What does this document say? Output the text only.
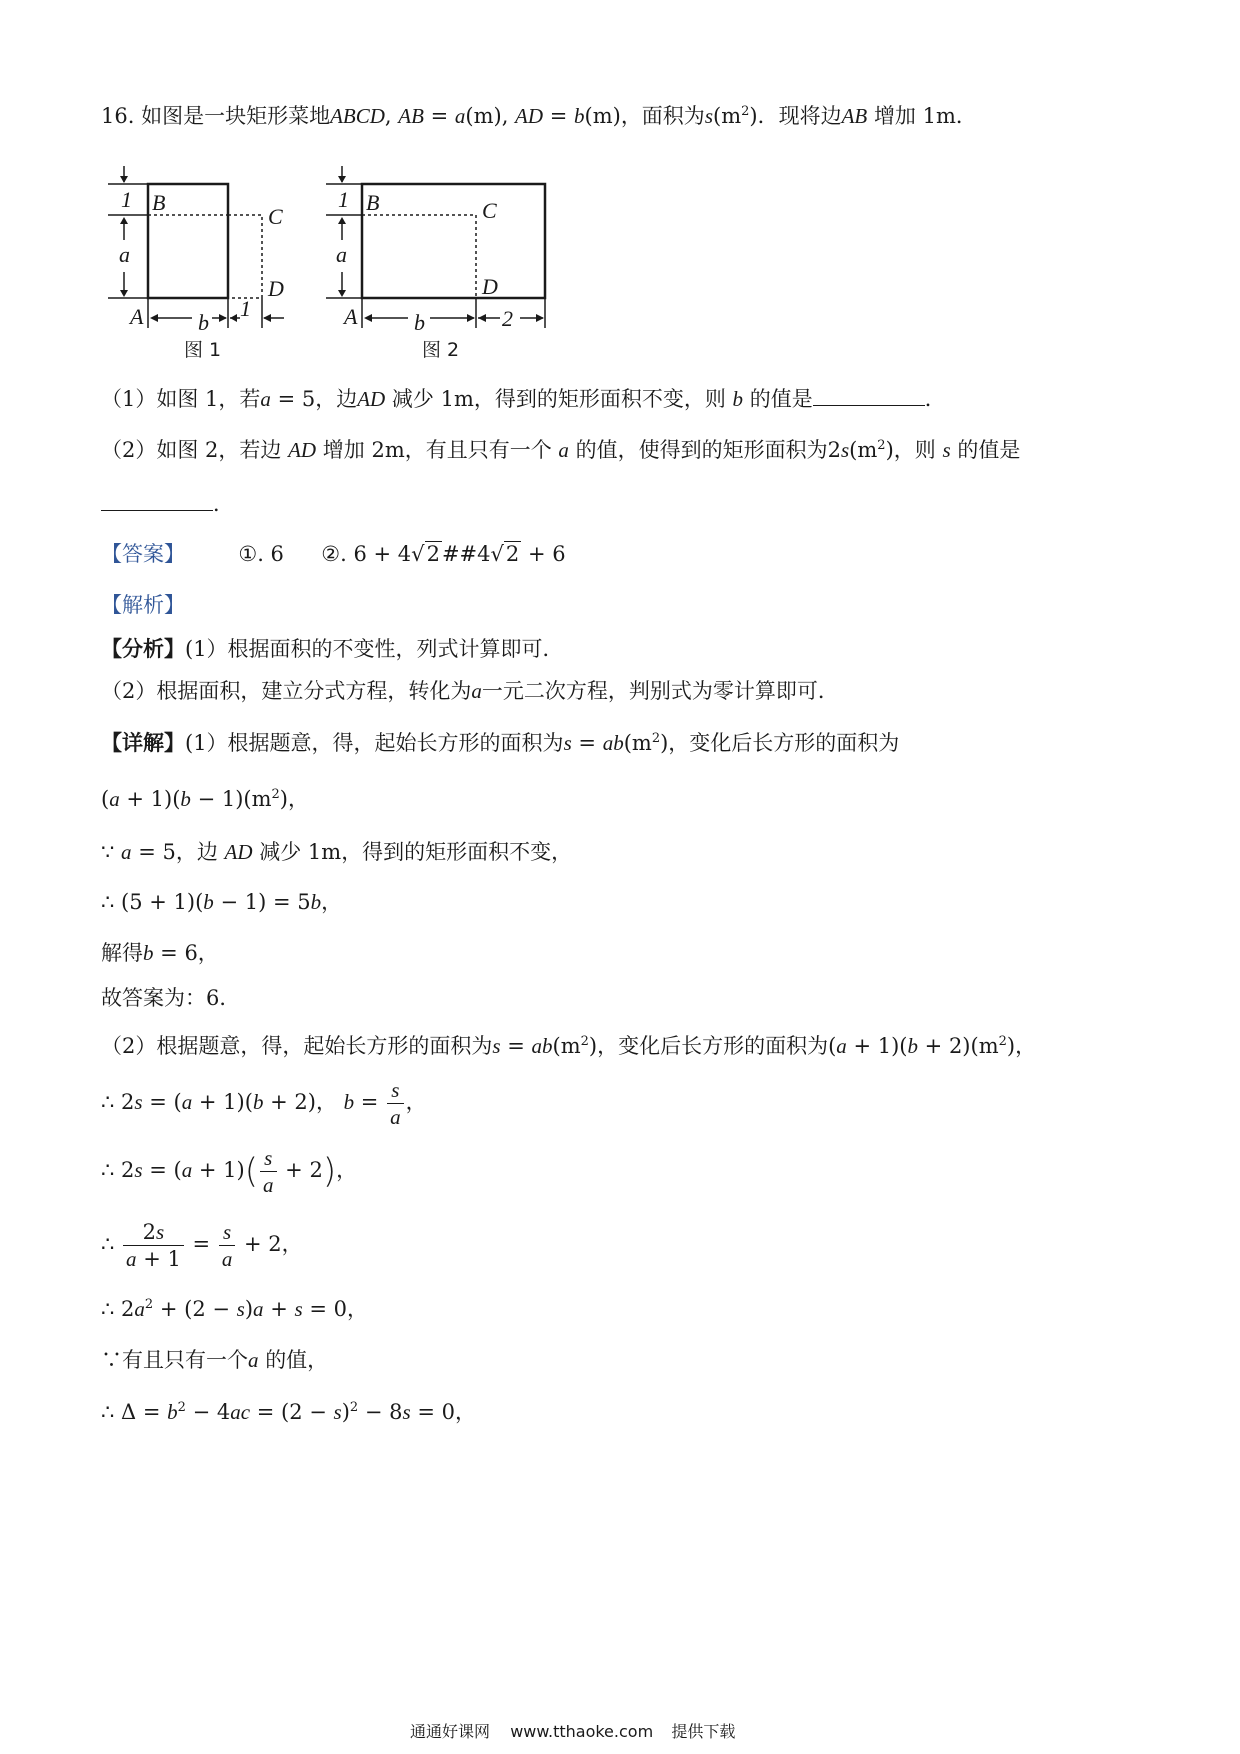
16. 如图是一块矩形菜地ABCD, AB = a(m), AD = b(m)，面积为$s(m^2)$．现将边AB 增加 1m．
1
a
B
C
D
A b
1
图 1
1
a
B	C
D
A	b	2
图 2
（1）如图 1，若a = 5，边AD 减少 1m，得到的矩形面积不变，则 b 的值是	．
（2）如图 2，若边 AD 增加 2m，有且只有一个 a 的值，使得到的矩形面积为$2s(m^2)$，则 s 的值是
．
【答案】	①. 6 ②. 6 + 4√2##4√2 + 6
【解析】
【分析】(1）根据面积的不变性，列式计算即可．
（2）根据面积，建立分式方程，转化为a一元二次方程，判别式为零计算即可．
【详解】(1）根据题意，得，起始长方形的面积为$s = ab(m^2)$，变化后长方形的面积为
$(a + 1)(b - 1)(m^2)$，
∵ a = 5，边 AD 减少 1m，得到的矩形面积不变，
∴ (5 + 1)(b − 1) = 5b，
解得b = 6，
故答案为：6．
（2）根据题意，得，起始长方形的面积为$s = ab(m^2)$，变化后长方形的面积为$(a + 1)(b + 2)(m^2)$，
∴ 2s = (a + 1)(b + 2)， $b = \frac{s}{a}$ ，
∴ $2s = (a + 1)( \frac{s}{a} + 2)$，
∴ $\frac{2s}{a + 1} = \frac{s}{a} + 2$，
∴ $2a^2 + (2 - s)a + s = 0$，
∵有且只有一个a 的值，
∴ $\Delta = b^2 - 4ac = (2 - s)^2 - 8s = 0$，
通通好课网 www.tthaoke.com 提供下载
